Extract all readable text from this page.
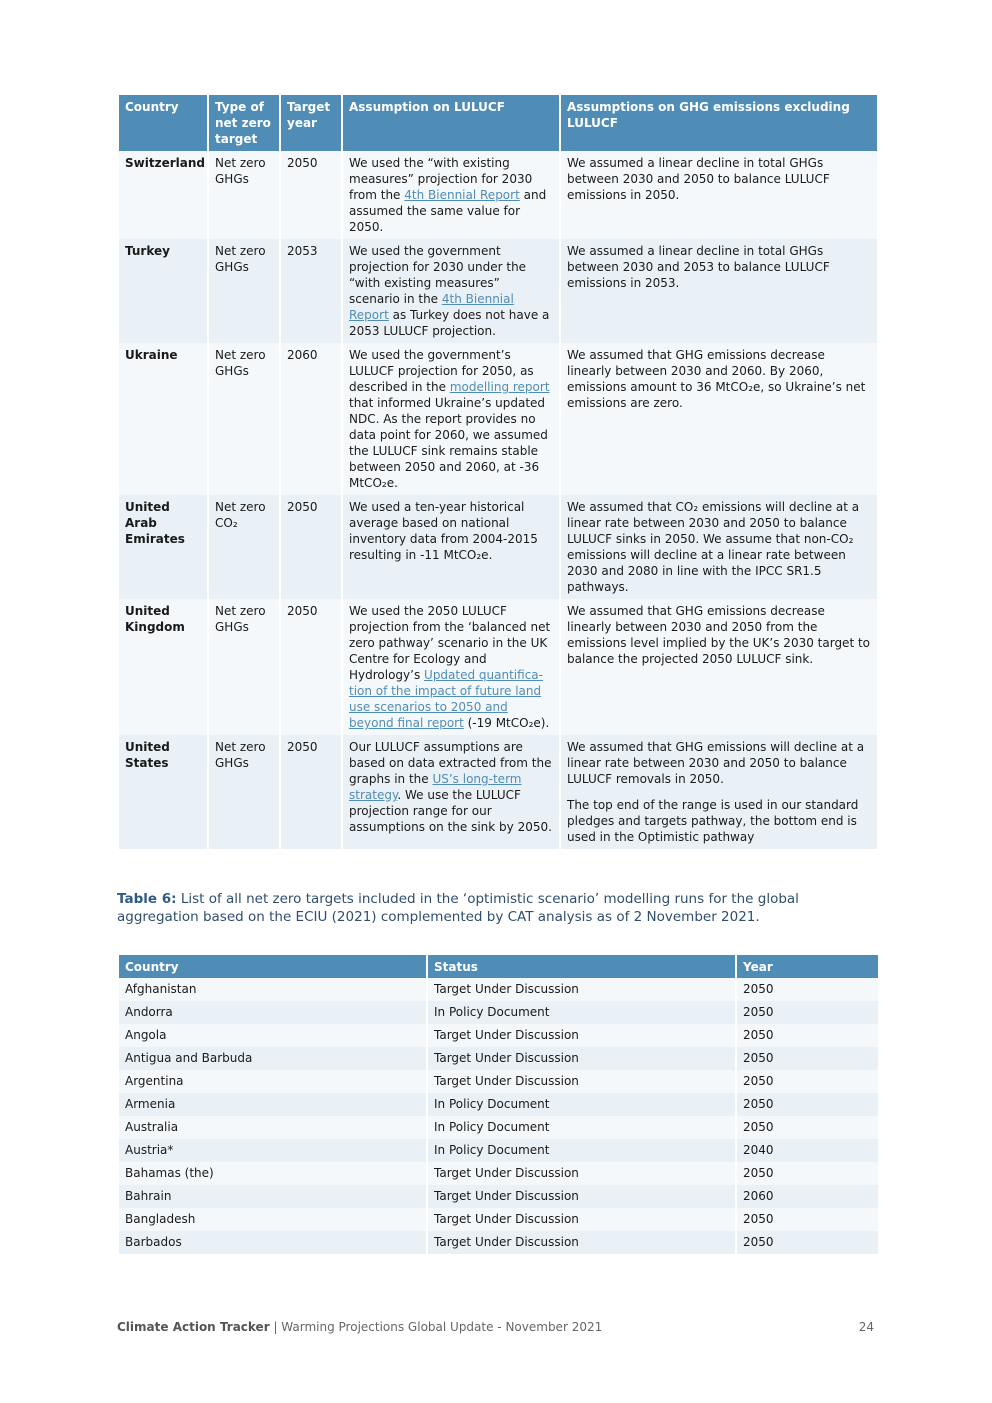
Country	Type of net zero target	Target year	Assumption on LULUCF	Assumptions on GHG emissions excluding LULUCF
Switzerland	Net zero GHGs	2050	We used the “with existing measures” projection for 2030 from the 4th Biennial Report and assumed the same value for 2050.	We assumed a linear decline in total GHGs between 2030 and 2050 to balance LULUCF emissions in 2050.

Turkey	Net zero GHGs	2053	We used the government projection for 2030 under the “with existing measures” scenario in the 4th Biennial Report as Turkey does not have a 2053 LULUCF projection.	We assumed a linear decline in total GHGs between 2030 and 2053 to balance LULUCF emissions in 2053.

Ukraine	Net zero GHGs	2060	We used the government’s LULUCF projection for 2050, as described in the modelling report that informed Ukraine’s updated NDC. As the report provides no data point for 2060, we assumed the LULUCF sink remains stable between 2050 and 2060, at -36 MtCO₂e.	We assumed that GHG emissions decrease linearly between 2030 and 2060. By 2060, emissions amount to 36 MtCO₂e, so Ukraine’s net emissions are zero.

United Arab Emirates	Net zero CO₂	2050	We used a ten-year historical average based on national inventory data from 2004-2015 resulting in -11 MtCO₂e.	We assumed that CO₂ emissions will decline at a linear rate between 2030 and 2050 to balance LULUCF sinks in 2050. We assume that non-CO₂ emissions will decline at a linear rate between 2030 and 2080 in line with the IPCC SR1.5 pathways.

United Kingdom	Net zero GHGs	2050	We used the 2050 LULUCF projection from the ‘balanced net zero pathway’ scenario in the UK Centre for Ecology and Hydrology’s Updated quantifica- tion of the impact of future land use scenarios to 2050 and beyond final report (-19 MtCO₂e).	We assumed that GHG emissions decrease linearly between 2030 and 2050 from the emissions level implied by the UK’s 2030 target to balance the projected 2050 LULUCF sink.

United States	Net zero GHGs	2050	Our LULUCF assumptions are based on data extracted from the graphs in the US’s long-term strategy. We use the LULUCF projection range for our assumptions on the sink by 2050.	We assumed that GHG emissions will decline at a linear rate between 2030 and 2050 to balance LULUCF removals in 2050.

The top end of the range is used in our standard pledges and targets pathway, the bottom end is used in the Optimistic pathway

Table 6: List of all net zero targets included in the ‘optimistic scenario’ modelling runs for the global aggregation based on the ECIU (2021) complemented by CAT analysis as of 2 November 2021.
Country	Status	Year
Afghanistan	Target Under Discussion	2050
Andorra	In Policy Document	2050
Angola	Target Under Discussion	2050
Antigua and Barbuda	Target Under Discussion	2050
Argentina	Target Under Discussion	2050
Armenia	In Policy Document	2050
Australia	In Policy Document	2050
Austria*	In Policy Document	2040
Bahamas (the)	Target Under Discussion	2050
Bahrain	Target Under Discussion	2060
Bangladesh	Target Under Discussion	2050
Barbados	Target Under Discussion	2050
Climate Action Tracker | Warming Projections Global Update - November 2021	24
